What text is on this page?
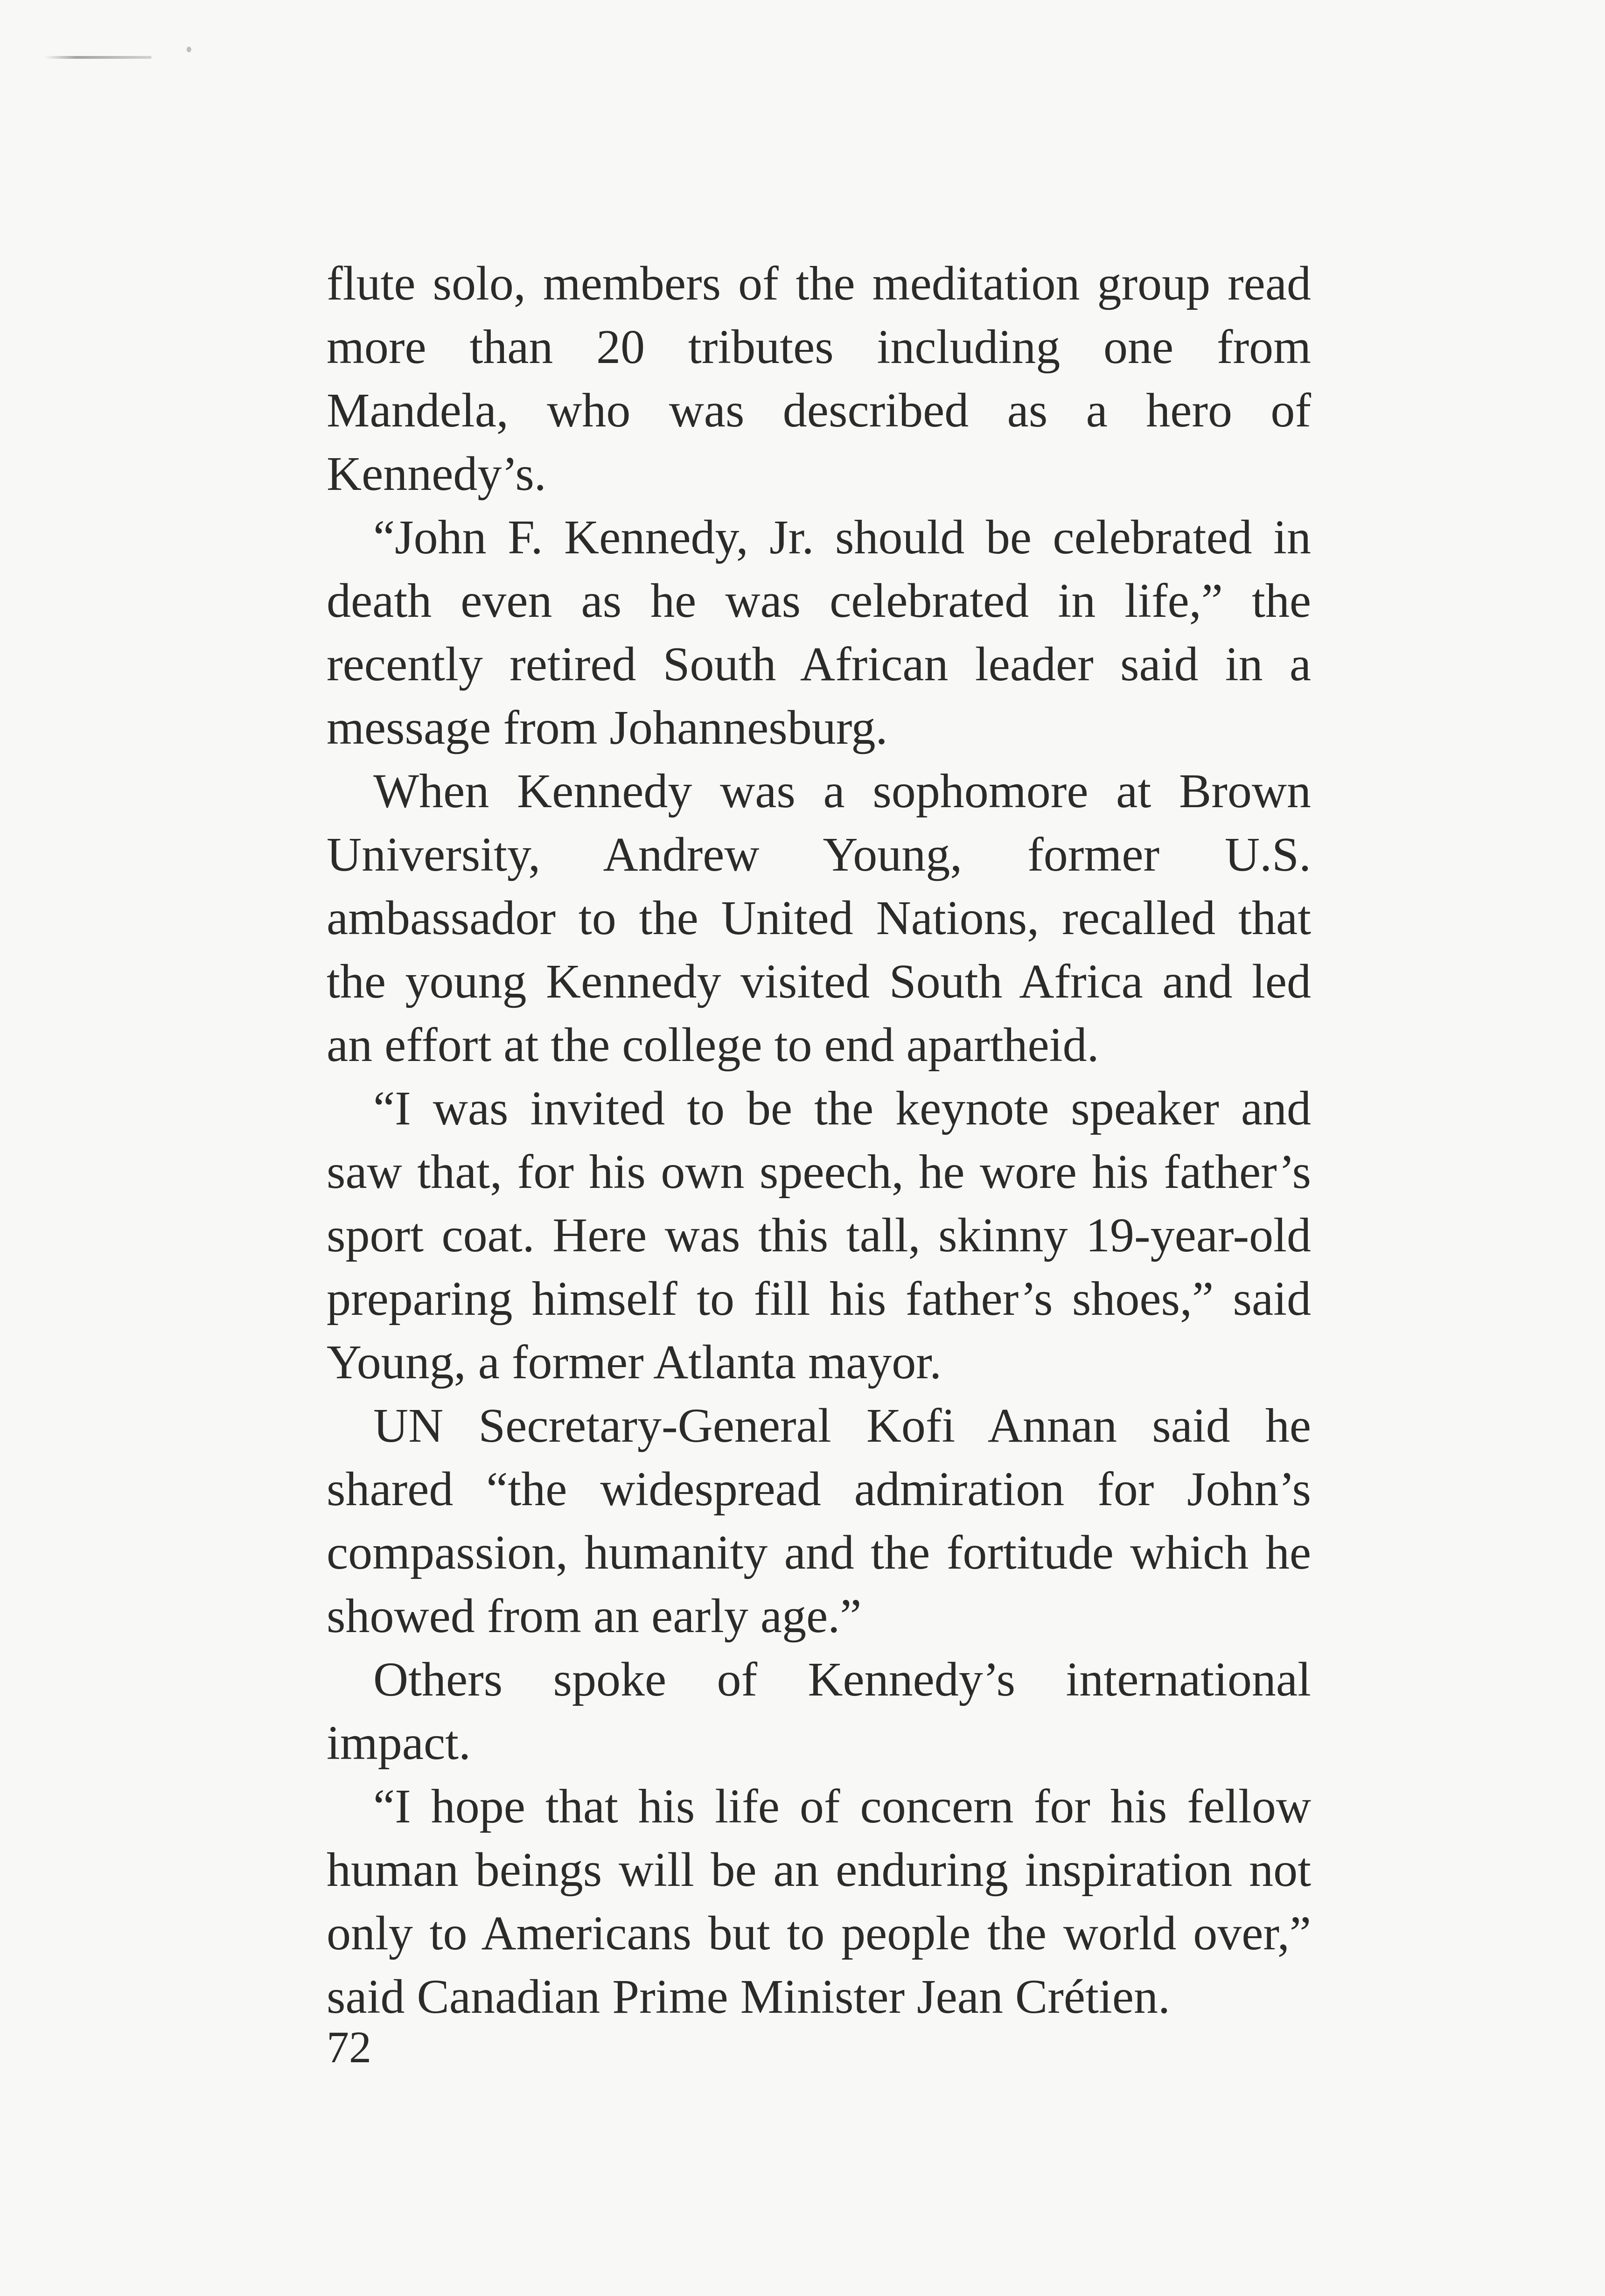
flute solo, members of the meditation group read more than 20 tributes including one from Mandela, who was described as a hero of Kennedy’s.

“John F. Kennedy, Jr. should be celebrated in death even as he was celebrated in life,” the recently retired South African leader said in a message from Johannesburg.

When Kennedy was a sophomore at Brown University, Andrew Young, former U.S. ambassador to the United Nations, recalled that the young Kennedy visited South Africa and led an effort at the college to end apartheid.

“I was invited to be the keynote speaker and saw that, for his own speech, he wore his father’s sport coat. Here was this tall, skinny 19-year-old preparing himself to fill his father’s shoes,” said Young, a former Atlanta mayor.

UN Secretary-General Kofi Annan said he shared “the widespread admiration for John’s compassion, humanity and the fortitude which he showed from an early age.”

Others spoke of Kennedy’s international impact.

“I hope that his life of concern for his fellow human beings will be an enduring inspiration not only to Americans but to people the world over,” said Canadian Prime Minister Jean Crétien.

72
